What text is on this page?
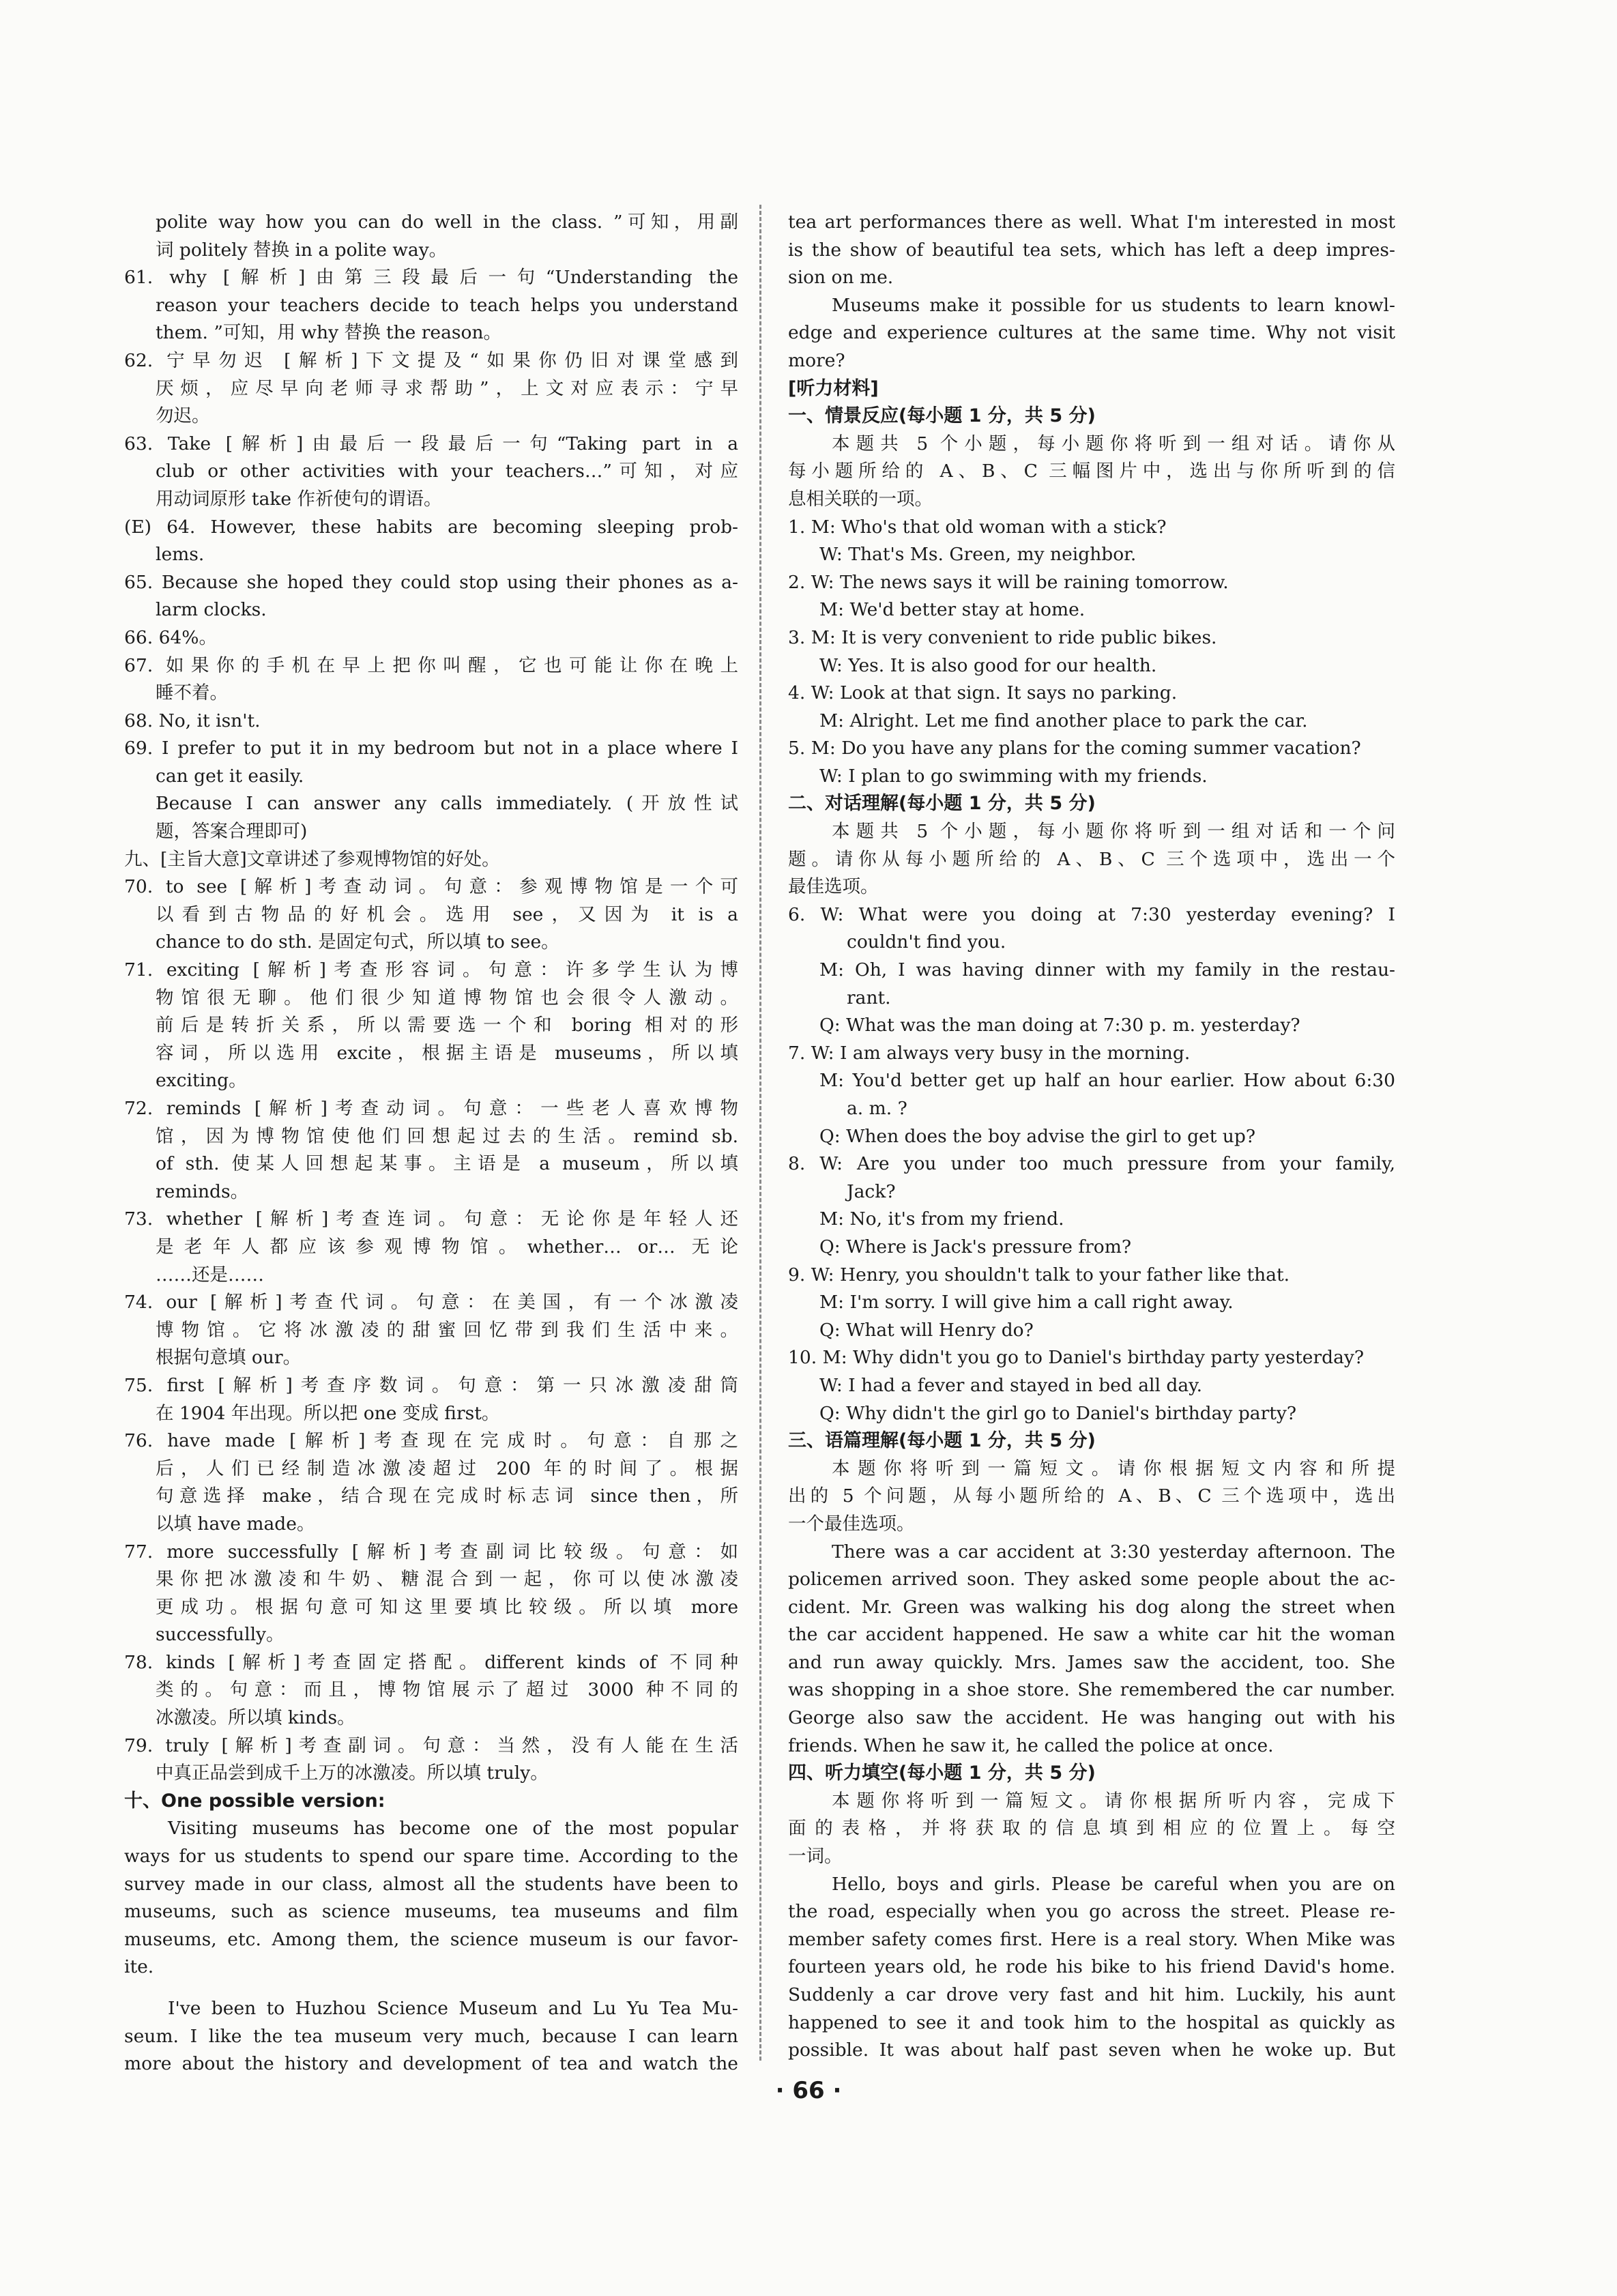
polite way how you can do well in the class. ”可知，用副
词 politely 替换 in a polite way。
61. why [解析]由第三段最后一句“Understanding the
reason your teachers decide to teach helps you understand
them. ”可知，用 why 替换 the reason。
62. 宁早勿迟 [解析]下文提及“如果你仍旧对课堂感到
厌烦，应尽早向老师寻求帮助”，上文对应表示：宁早
勿迟。
63. Take [解析]由最后一段最后一句“Taking part in a
club or other activities with your teachers…”可知，对应
用动词原形 take 作祈使句的谓语。
(E) 64. However, these habits are becoming sleeping prob-
lems.
65. Because she hoped they could stop using their phones as a-
larm clocks.
66. 64%。
67. 如果你的手机在早上把你叫醒，它也可能让你在晚上
睡不着。
68. No, it isn't.
69. I prefer to put it in my bedroom but not in a place where I
can get it easily.
Because I can answer any calls immediately. (开放性试
题，答案合理即可)
九、[主旨大意]文章讲述了参观博物馆的好处。
70. to see [解析]考查动词。句意：参观博物馆是一个可
以看到古物品的好机会。选用 see，又因为 it is a
chance to do sth. 是固定句式，所以填 to see。
71. exciting [解析]考查形容词。句意：许多学生认为博
物馆很无聊。他们很少知道博物馆也会很令人激动。
前后是转折关系，所以需要选一个和 boring 相对的形
容词，所以选用 excite，根据主语是 museums，所以填
exciting。
72. reminds [解析]考查动词。句意：一些老人喜欢博物
馆，因为博物馆使他们回想起过去的生活。remind sb.
of sth. 使某人回想起某事。主语是 a museum，所以填
reminds。
73. whether [解析]考查连词。句意：无论你是年轻人还
是老年人都应该参观博物馆。whether… or… 无论
……还是……
74. our [解析]考查代词。句意：在美国，有一个冰激凌
博物馆。它将冰激凌的甜蜜回忆带到我们生活中来。
根据句意填 our。
75. first [解析]考查序数词。句意：第一只冰激凌甜筒
在 1904 年出现。所以把 one 变成 first。
76. have made [解析]考查现在完成时。句意：自那之
后，人们已经制造冰激凌超过 200 年的时间了。根据
句意选择 make，结合现在完成时标志词 since then，所
以填 have made。
77. more successfully [解析]考查副词比较级。句意：如
果你把冰激凌和牛奶、糖混合到一起，你可以使冰激凌
更成功。根据句意可知这里要填比较级。所以填 more
successfully。
78. kinds [解析]考查固定搭配。different kinds of 不同种
类的。句意：而且，博物馆展示了超过 3000 种不同的
冰激凌。所以填 kinds。
79. truly [解析]考查副词。句意：当然，没有人能在生活
中真正品尝到成千上万的冰激凌。所以填 truly。
十、One possible version:
Visiting museums has become one of the most popular
ways for us students to spend our spare time. According to the
survey made in our class, almost all the students have been to
museums, such as science museums, tea museums and film
museums, etc. Among them, the science museum is our favor-
ite.
I've been to Huzhou Science Museum and Lu Yu Tea Mu-
seum. I like the tea museum very much, because I can learn
more about the history and development of tea and watch the
tea art performances there as well. What I'm interested in most
is the show of beautiful tea sets, which has left a deep impres-
sion on me.
Museums make it possible for us students to learn knowl-
edge and experience cultures at the same time. Why not visit
more?
[听力材料]
一、情景反应(每小题 1 分，共 5 分)
本题共 5 个小题，每小题你将听到一组对话。请你从
每小题所给的 A、B、C 三幅图片中，选出与你所听到的信
息相关联的一项。
1. M: Who's that old woman with a stick?
W: That's Ms. Green, my neighbor.
2. W: The news says it will be raining tomorrow.
M: We'd better stay at home.
3. M: It is very convenient to ride public bikes.
W: Yes. It is also good for our health.
4. W: Look at that sign. It says no parking.
M: Alright. Let me find another place to park the car.
5. M: Do you have any plans for the coming summer vacation?
W: I plan to go swimming with my friends.
二、对话理解(每小题 1 分，共 5 分)
本题共 5 个小题，每小题你将听到一组对话和一个问
题。请你从每小题所给的 A、B、C 三个选项中，选出一个
最佳选项。
6. W: What were you doing at 7:30 yesterday evening? I
couldn't find you.
M: Oh, I was having dinner with my family in the restau-
rant.
Q: What was the man doing at 7:30 p. m. yesterday?
7. W: I am always very busy in the morning.
M: You'd better get up half an hour earlier. How about 6:30
a. m. ?
Q: When does the boy advise the girl to get up?
8. W: Are you under too much pressure from your family,
Jack?
M: No, it's from my friend.
Q: Where is Jack's pressure from?
9. W: Henry, you shouldn't talk to your father like that.
M: I'm sorry. I will give him a call right away.
Q: What will Henry do?
10. M: Why didn't you go to Daniel's birthday party yesterday?
W: I had a fever and stayed in bed all day.
Q: Why didn't the girl go to Daniel's birthday party?
三、语篇理解(每小题 1 分，共 5 分)
本题你将听到一篇短文。请你根据短文内容和所提
出的 5 个问题，从每小题所给的 A、B、C 三个选项中，选出
一个最佳选项。
There was a car accident at 3:30 yesterday afternoon. The
policemen arrived soon. They asked some people about the ac-
cident. Mr. Green was walking his dog along the street when
the car accident happened. He saw a white car hit the woman
and run away quickly. Mrs. James saw the accident, too. She
was shopping in a shoe store. She remembered the car number.
George also saw the accident. He was hanging out with his
friends. When he saw it, he called the police at once.
四、听力填空(每小题 1 分，共 5 分)
本题你将听到一篇短文。请你根据所听内容，完成下
面的表格，并将获取的信息填到相应的位置上。每空
一词。
Hello, boys and girls. Please be careful when you are on
the road, especially when you go across the street. Please re-
member safety comes first. Here is a real story. When Mike was
fourteen years old, he rode his bike to his friend David's home.
Suddenly a car drove very fast and hit him. Luckily, his aunt
happened to see it and took him to the hospital as quickly as
possible. It was about half past seven when he woke up. But
· 66 ·
